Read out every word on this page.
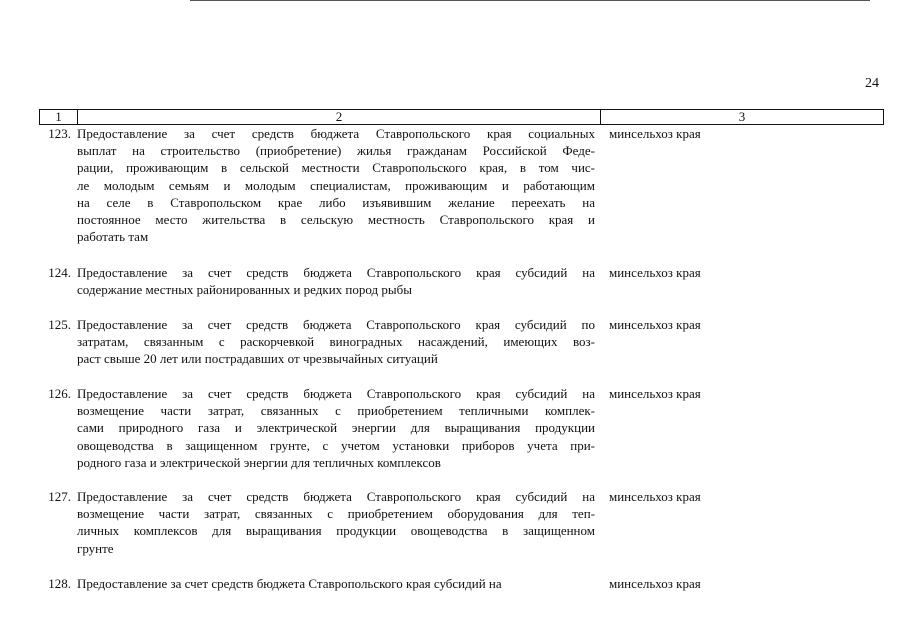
24
1	2	3
123. Предоставление за счет средств бюджета Ставропольского края социальных
выплат на строительство (приобретение) жилья гражданам Российской Феде-
рации, проживающим в сельской местности Ставропольского края, в том чис-
ле молодым семьям и молодым специалистам, проживающим и работающим
на селе в Ставропольском крае либо изъявившим желание переехать на
постоянное место жительства в сельскую местность Ставропольского края и
работать там
минсельхоз края
124. Предоставление за счет средств бюджета Ставропольского края субсидий на
содержание местных районированных и редких пород рыбы
минсельхоз края
125. Предоставление за счет средств бюджета Ставропольского края субсидий по
затратам, связанным с раскорчевкой виноградных насаждений, имеющих воз-
раст свыше 20 лет или пострадавших от чрезвычайных ситуаций
минсельхоз края
126. Предоставление за счет средств бюджета Ставропольского края субсидий на
возмещение части затрат, связанных с приобретением тепличными комплек-
сами природного газа и электрической энергии для выращивания продукции
овощеводства в защищенном грунте, с учетом установки приборов учета при-
родного газа и электрической энергии для тепличных комплексов
минсельхоз края
127. Предоставление за счет средств бюджета Ставропольского края субсидий на
возмещение части затрат, связанных с приобретением оборудования для теп-
личных комплексов для выращивания продукции овощеводства в защищенном
грунте
минсельхоз края
128. Предоставление за счет средств бюджета Ставропольского края субсидий на	минсельхоз края
